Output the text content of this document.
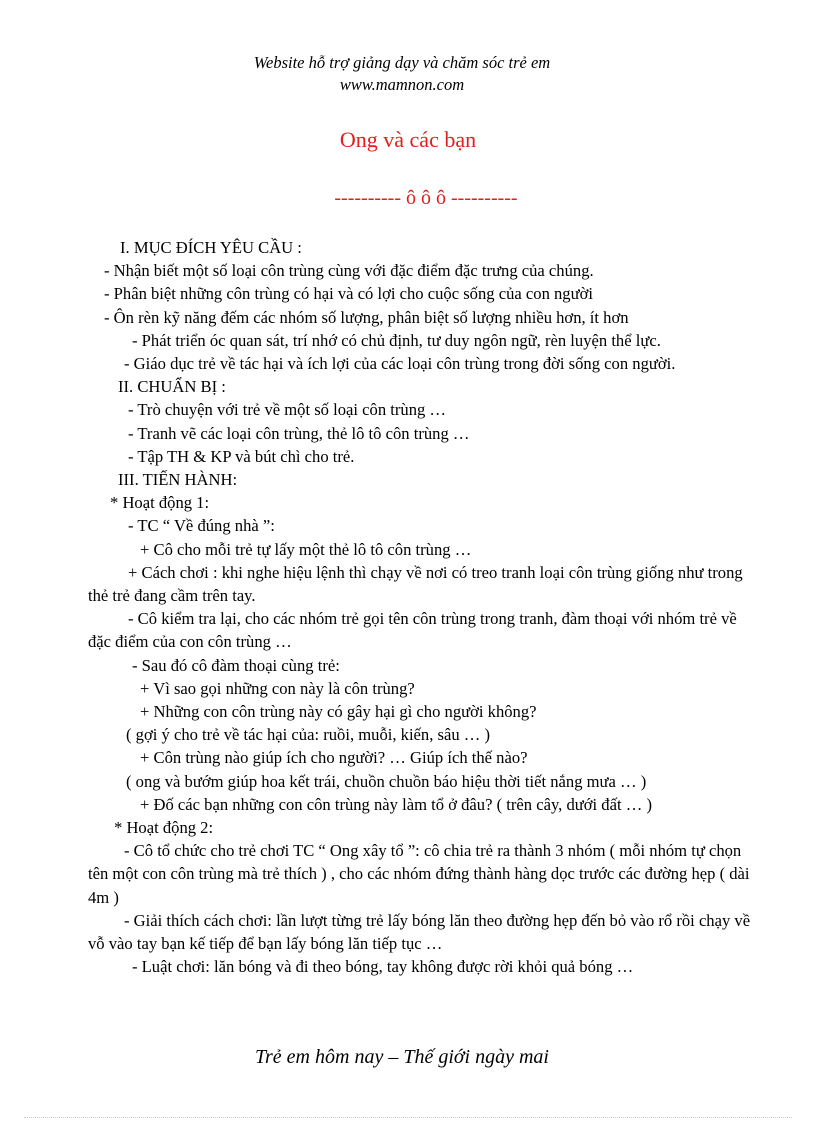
Website hỗ trợ giảng dạy và chăm sóc trẻ em
www.mamnon.com
Ong và các bạn
---------- ô ô ô ----------
I. MỤC ĐÍCH YÊU CẦU :
- Nhận biết một số loại côn trùng cùng với đặc điểm đặc trưng của chúng.
- Phân biệt những côn trùng có hại và có lợi cho cuộc sống của con người
- Ôn rèn kỹ năng đếm các nhóm số lượng, phân biệt số lượng nhiều hơn, ít hơn
- Phát triển óc quan sát, trí nhớ có chủ định, tư duy ngôn ngữ, rèn luyện thể lực.
- Giáo dục trẻ về tác hại và ích lợi của các loại côn trùng trong đời sống con người.
II. CHUẨN BỊ :
- Trò chuyện với trẻ về một số loại côn trùng …
- Tranh vẽ các loại côn trùng, thẻ lô tô côn trùng …
- Tập TH & KP và bút chì cho trẻ.
III. TIẾN HÀNH:
* Hoạt động 1:
- TC “ Về đúng nhà ”:
+ Cô cho mỗi trẻ tự lấy một thẻ lô tô côn trùng …
+ Cách chơi : khi nghe hiệu lệnh thì chạy về nơi có treo tranh loại côn trùng giống như trong thẻ trẻ đang cầm trên tay.
- Cô kiểm tra lại, cho các nhóm trẻ gọi tên côn trùng trong tranh, đàm thoại với nhóm trẻ về đặc điểm của con côn trùng …
- Sau đó cô đàm thoại cùng trẻ:
+ Vì sao gọi những con này là côn trùng?
+ Những con côn trùng này có gây hại gì cho người không?
( gợi ý cho trẻ về tác hại của: ruồi, muỗi, kiến, sâu … )
+ Côn trùng nào giúp ích cho người? … Giúp ích thế nào?
( ong và bướm giúp hoa kết trái, chuồn chuồn báo hiệu thời tiết nắng mưa … )
+ Đố các bạn những con côn trùng này làm tổ ở đâu? ( trên cây, dưới đất … )
* Hoạt động 2:
- Cô tổ chức cho trẻ chơi TC “ Ong xây tổ ”: cô chia trẻ ra thành 3 nhóm ( mỗi nhóm tự chọn tên một con côn trùng mà trẻ thích ) , cho các nhóm đứng thành hàng dọc trước các đường hẹp ( dài 4m )
- Giải thích cách chơi: lần lượt từng trẻ lấy bóng lăn theo đường hẹp đến bỏ vào rổ rồi chạy về vỗ vào tay bạn kế tiếp để bạn lấy bóng lăn tiếp tục …
- Luật chơi: lăn bóng và đi theo bóng, tay không được rời khỏi quả bóng …
Trẻ em hôm nay – Thế giới ngày mai
